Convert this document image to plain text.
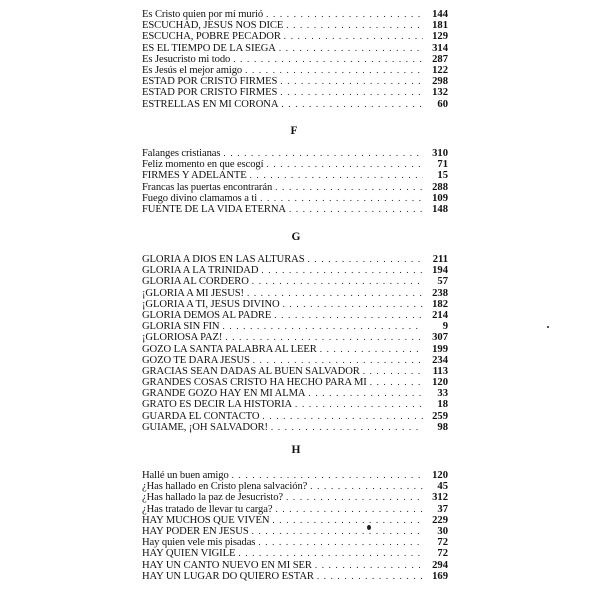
Es Cristo quien por mí murió . . .	144
ESCUCHAD, JESUS NOS DICE . . .	181
ESCUCHA, POBRE PECADOR . . .	129
ES EL TIEMPO DE LA SIEGA . . .	314
Es Jesucristo mi todo . . .	287
Es Jesús el mejor amigo . . .	122
ESTAD POR CRISTO FIRMES . . .	298
ESTAD POR CRISTO FIRMES . . .	132
ESTRELLAS EN MI CORONA . . .	60
F
Falanges cristianas . . .	310
Feliz momento en que escogí . . .	71
FIRMES Y ADELANTE . . .	15
Francas las puertas encontrarán . . .	288
Fuego divino clamamos a ti . . .	109
FUENTE DE LA VIDA ETERNA . . .	148
G
GLORIA A DIOS EN LAS ALTURAS . . .	211
GLORIA A LA TRINIDAD . . .	194
GLORIA AL CORDERO . . .	57
¡GLORIA A MI JESUS! . . .	238
¡GLORIA A TI, JESUS DIVINO . . .	182
GLORIA DEMOS AL PADRE . . .	214
GLORIA SIN FIN . . .	9
¡GLORIOSA PAZ! . . .	307
GOZO LA SANTA PALABRA AL LEER . . .	199
GOZO TE DARA JESUS . . .	234
GRACIAS SEAN DADAS AL BUEN SALVADOR . . .	113
GRANDES COSAS CRISTO HA HECHO PARA MI . . .	120
GRANDE GOZO HAY EN MI ALMA . . .	33
GRATO ES DECIR LA HISTORIA . . .	18
GUARDA EL CONTACTO . . .	259
GUIAME, ¡OH SALVADOR! . . .	98
H
Hallé un buen amigo . . .	120
¿Has hallado en Cristo plena salvación? . . .	45
¿Has hallado la paz de Jesucristo? . . .	312
¿Has tratado de llevar tu carga? . . .	37
HAY MUCHOS QUE VIVEN . . .	229
HAY PODER EN JESUS . . .	30
Hay quien vele mis pisadas . . .	72
HAY QUIEN VIGILE . . .	72
HAY UN CANTO NUEVO EN MI SER . . .	294
HAY UN LUGAR DO QUIERO ESTAR . . .	169
